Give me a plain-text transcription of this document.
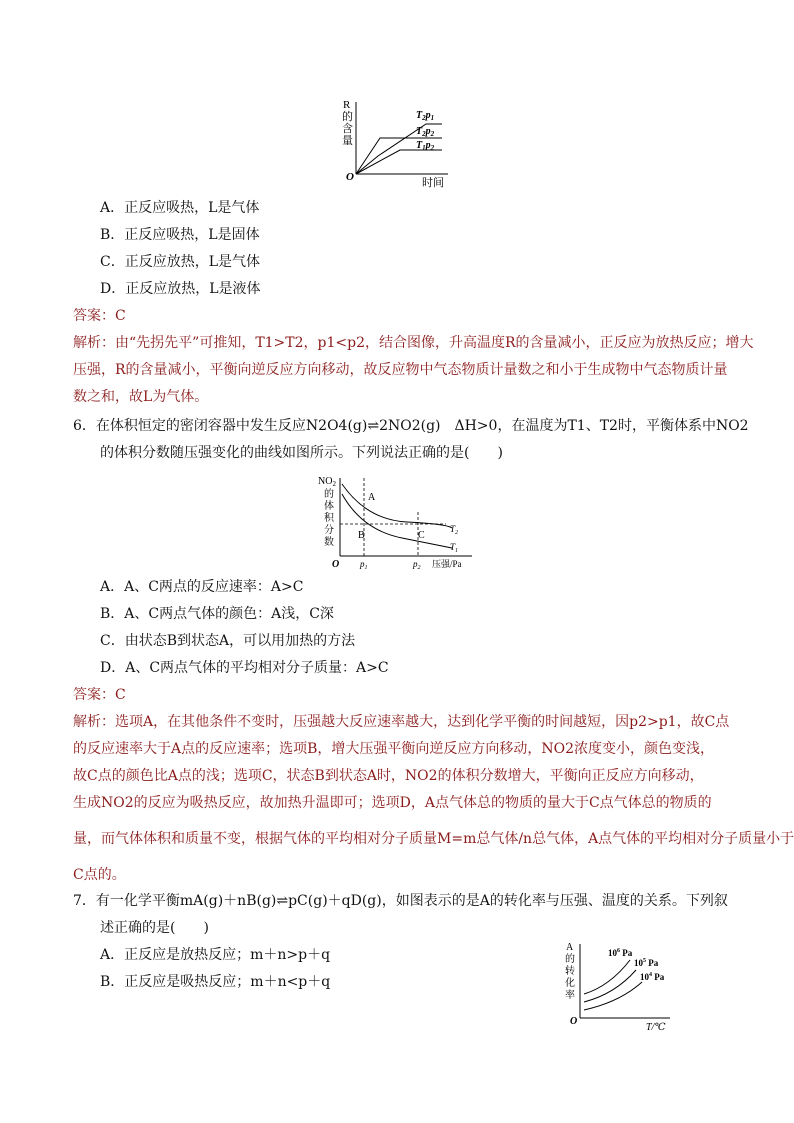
R
的
含
量
$T_2p_1$
$T_2p_2$
$T_1p_2$
O	时间
A．正反应吸热，L是气体
B．正反应吸热，L是固体
C．正反应放热，L是气体
D．正反应放热，L是液体
答案：C
解析：由“先拐先平”可推知，T1>T2，p1<p2，结合图像，升高温度R的含量减小，正反应为放热反应；增大
压强，R的含量减小，平衡向逆反应方向移动，故反应物中气态物质计量数之和小于生成物中气态物质计量
数之和，故L为气体。
6．在体积恒定的密闭容器中发生反应N2O4(g)⇌2NO2(g)　ΔH>0，在温度为T1、T2时，平衡体系中NO2
的体积分数随压强变化的曲线如图所示。下列说法正确的是(　　)
$NO_2$
的
体
积
分
数
A
B	C
$T_2$
$T_1$
O $p_1$	$p_2$ 压强/Pa
A．A、C两点的反应速率：A>C
B．A、C两点气体的颜色：A浅，C深
C．由状态B到状态A，可以用加热的方法
D．A、C两点气体的平均相对分子质量：A>C
答案：C
解析：选项A，在其他条件不变时，压强越大反应速率越大，达到化学平衡的时间越短，因p2>p1，故C点
的反应速率大于A点的反应速率；选项B，增大压强平衡向逆反应方向移动，NO2浓度变小，颜色变浅，
故C点的颜色比A点的浅；选项C，状态B到状态A时，NO2的体积分数增大，平衡向正反应方向移动，
生成NO2的反应为吸热反应，故加热升温即可；选项D，A点气体总的物质的量大于C点气体总的物质的
量，而气体体积和质量不变，根据气体的平均相对分子质量M=m总气体/n总气体，A点气体的平均相对分子质量小于
C点的。
7．有一化学平衡mA(g)＋nB(g)⇌pC(g)＋qD(g)，如图表示的是A的转化率与压强、温度的关系。下列叙
述正确的是(　　)
A．正反应是放热反应；m＋n>p＋q
B．正反应是吸热反应；m＋n<p＋q
A
的
转
化
率
$10^6$ Pa
$10^5$ Pa
$10^4$ Pa
O
T/℃
